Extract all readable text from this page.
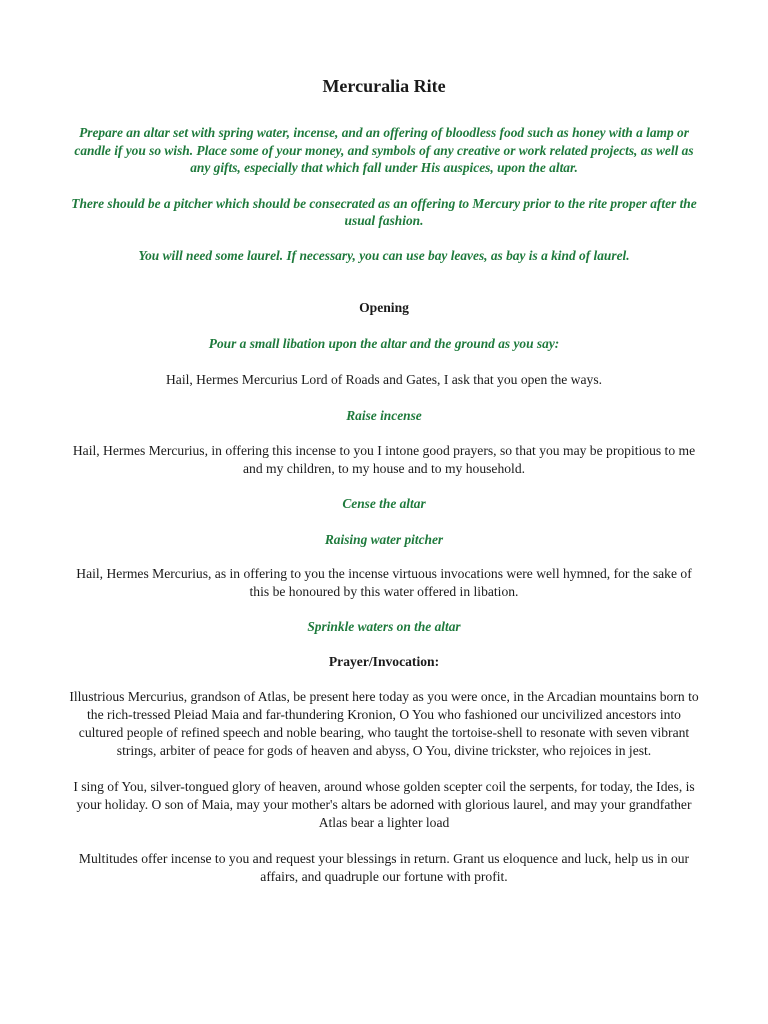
Mercuralia Rite

Prepare an altar set with spring water, incense, and an offering of bloodless food such as honey with a lamp or candle if you so wish. Place some of your money, and symbols of any creative or work related projects, as well as any gifts, especially that which fall under His auspices, upon the altar.

There should be a pitcher which should be consecrated as an offering to Mercury prior to the rite proper after the usual fashion.

You will need some laurel. If necessary, you can use bay leaves, as bay is a kind of laurel.

Opening

Pour a small libation upon the altar and the ground as you say:

Hail, Hermes Mercurius Lord of Roads and Gates, I ask that you open the ways.

Raise incense

Hail, Hermes Mercurius, in offering this incense to you I intone good prayers, so that you may be propitious to me and my children, to my house and to my household.

Cense the altar

Raising water pitcher

Hail, Hermes Mercurius, as in offering to you the incense virtuous invocations were well hymned, for the sake of this be honoured by this water offered in libation.

Sprinkle waters on the altar

Prayer/Invocation:

Illustrious Mercurius, grandson of Atlas, be present here today as you were once, in the Arcadian mountains born to the rich-tressed Pleiad Maia and far-thundering Kronion, O You who fashioned our uncivilized ancestors into cultured people of refined speech and noble bearing, who taught the tortoise-shell to resonate with seven vibrant strings, arbiter of peace for gods of heaven and abyss, O You, divine trickster, who rejoices in jest.

I sing of You, silver-tongued glory of heaven, around whose golden scepter coil the serpents, for today, the Ides, is your holiday. O son of Maia, may your mother's altars be adorned with glorious laurel, and may your grandfather Atlas bear a lighter load

Multitudes offer incense to you and request your blessings in return. Grant us eloquence and luck, help us in our affairs, and quadruple our fortune with profit.
